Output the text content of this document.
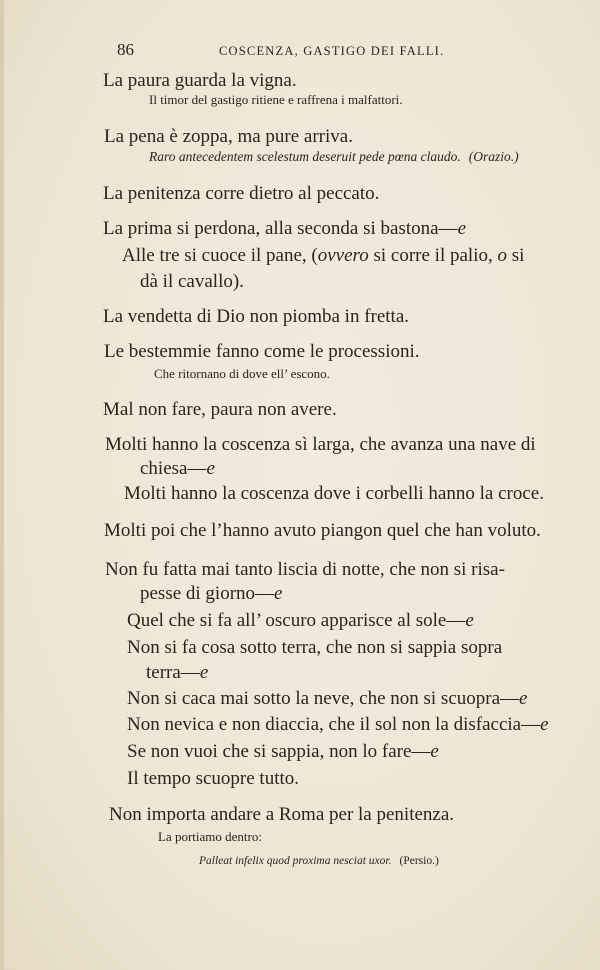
86	COSCENZA, GASTIGO DEI FALLI.
La paura guarda la vigna.
Il timor del gastigo ritiene e raffrena i malfattori.
La pena è zoppa, ma pure arriva.
Raro antecedentem scelestum deseruit pede pœna claudo. (Orazio.)
La penitenza corre dietro al peccato.
La prima si perdona, alla seconda si bastona—e
Alle tre si cuoce il pane, (ovvero si corre il palio, o si
dà il cavallo).
La vendetta di Dio non piomba in fretta.
Le bestemmie fanno come le processioni.
Che ritornano di dove ell’ escono.
Mal non fare, paura non avere.
Molti hanno la coscenza sì larga, che avanza una nave di
chiesa—e
Molti hanno la coscenza dove i corbelli hanno la croce.
Molti poi che l’hanno avuto piangon quel che han voluto.
Non fu fatta mai tanto liscia di notte, che non si risa-
pesse di giorno—e
Quel che si fa all’ oscuro apparisce al sole—e
Non si fa cosa sotto terra, che non si sappia sopra
terra—e
Non si caca mai sotto la neve, che non si scuopra—e
Non nevica e non diaccia, che il sol non la disfaccia—e
Se non vuoi che si sappia, non lo fare—e
Il tempo scuopre tutto.
Non importa andare a Roma per la penitenza.
La portiamo dentro:
Palleat infelix quod proxima nesciat uxor. (Persio.)
